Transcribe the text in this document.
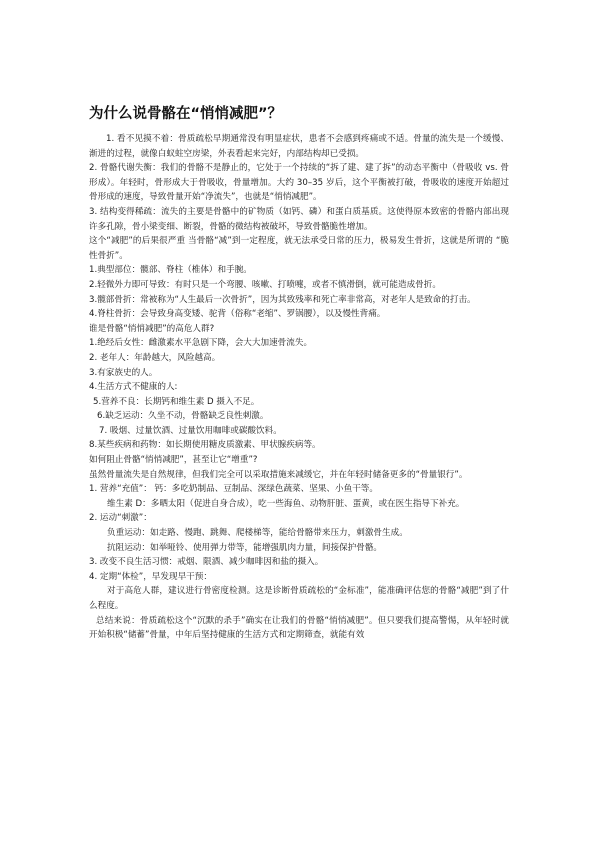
为什么说骨骼在“悄悄减肥”？

1. 看不见摸不着：骨质疏松早期通常没有明显症状，患者不会感到疼痛或不适。骨量的流失是一个缓慢、渐进的过程，就像白蚁蛀空房梁，外表看起来完好，内部结构却已受损。

2. 骨骼代谢失衡：我们的骨骼不是静止的，它处于一个持续的“拆了建、建了拆”的动态平衡中（骨吸收 vs. 骨形成）。年轻时，骨形成大于骨吸收，骨量增加。大约 30–35 岁后，这个平衡被打破，骨吸收的速度开始超过骨形成的速度，导致骨量开始“净流失”，也就是“悄悄减肥”。

3. 结构变得稀疏：流失的主要是骨骼中的矿物质（如钙、磷）和蛋白质基质。这使得原本致密的骨骼内部出现许多孔隙，骨小梁变细、断裂，骨骼的微结构被破坏，导致骨骼脆性增加。

这个“减肥”的后果很严重 当骨骼“减”到一定程度，就无法承受日常的压力，极易发生骨折，这就是所谓的 “脆性骨折”。

1.典型部位：髋部、脊柱（椎体）和手腕。

2.轻微外力即可导致：有时只是一个弯腰、咳嗽、打喷嚏，或者不慎滑倒，就可能造成骨折。

3.髋部骨折：常被称为“人生最后一次骨折”，因为其致残率和死亡率非常高，对老年人是致命的打击。

4.脊柱骨折：会导致身高变矮、驼背（俗称“老缩”、罗锅腰），以及慢性背痛。

谁是骨骼“悄悄减肥”的高危人群?

1.绝经后女性：雌激素水平急剧下降，会大大加速骨流失。

2. 老年人：年龄越大，风险越高。

3.有家族史的人。

4.生活方式不健康的人:

5.营养不良：长期钙和维生素 D 摄入不足。

6.缺乏运动：久坐不动，骨骼缺乏良性刺激。

7. 吸烟、过量饮酒、过量饮用咖啡或碳酸饮料。

8.某些疾病和药物：如长期使用糖皮质激素、甲状腺疾病等。

如何阻止骨骼“悄悄减肥”，甚至让它“增重”?

虽然骨量流失是自然规律，但我们完全可以采取措施来减缓它，并在年轻时储备更多的“骨量银行”。

1. 营养“充值”： 钙：多吃奶制品、豆制品、深绿色蔬菜、坚果、小鱼干等。

维生素 D：多晒太阳（促进自身合成），吃一些海鱼、动物肝脏、蛋黄，或在医生指导下补充。

2. 运动“刺激”：

负重运动：如走路、慢跑、跳舞、爬楼梯等，能给骨骼带来压力，刺激骨生成。

抗阻运动：如举哑铃、使用弹力带等，能增强肌肉力量，间接保护骨骼。

3. 改变不良生活习惯：戒烟、限酒、减少咖啡因和盐的摄入。

4. 定期“体检”，早发现早干预：

对于高危人群，建议进行骨密度检测。这是诊断骨质疏松的“金标准”，能准确评估您的骨骼“减肥”到了什么程度。

总结来说：骨质疏松这个“沉默的杀手”确实在让我们的骨骼“悄悄减肥”。但只要我们提高警惕，从年轻时就开始积极“储蓄”骨量，中年后坚持健康的生活方式和定期筛查，就能有效
